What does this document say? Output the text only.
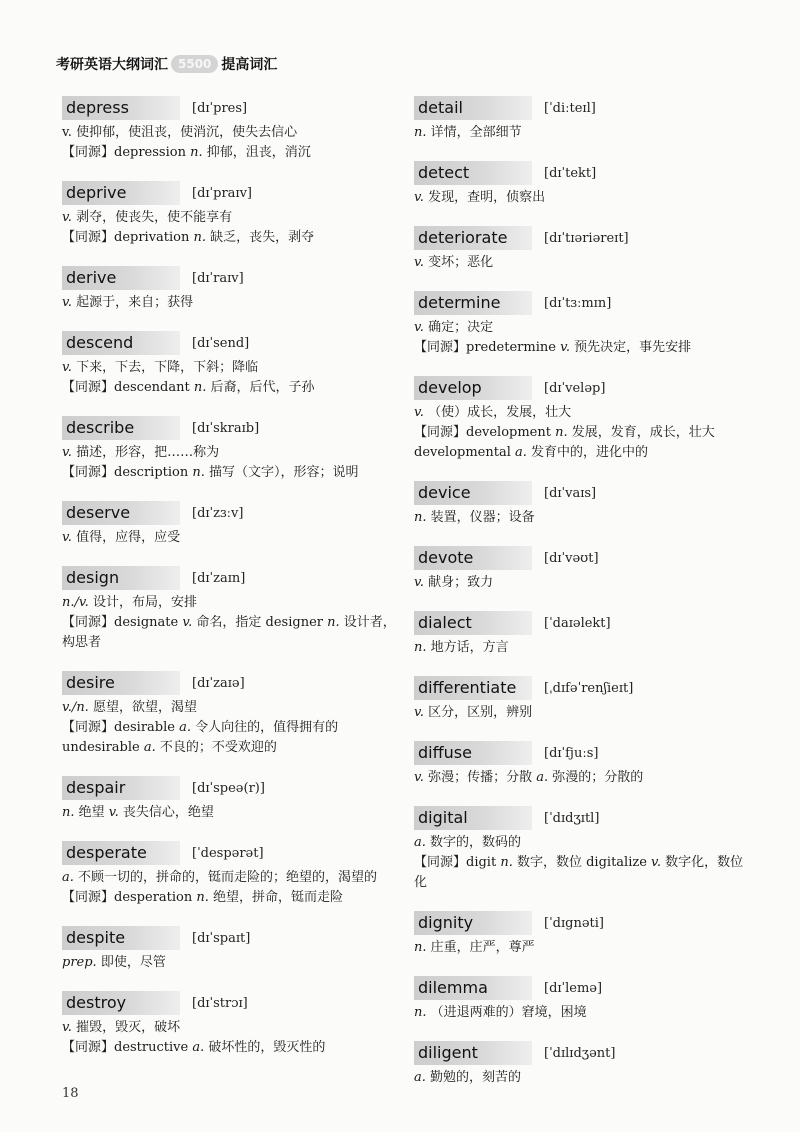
考研英语大纲词汇 5500 提高词汇
depress	[dɪˈpres]
v. 使抑郁，使沮丧，使消沉，使失去信心
【同源】depression n. 抑郁，沮丧，消沉
deprive	[dɪˈpraɪv]
v. 剥夺，使丧失，使不能享有
【同源】deprivation n. 缺乏，丧失，剥夺
derive	[dɪˈraɪv]
v. 起源于，来自；获得
descend	[dɪˈsend]
v. 下来，下去，下降，下斜；降临
【同源】descendant n. 后裔，后代，子孙
describe	[dɪˈskraɪb]
v. 描述，形容，把……称为
【同源】description n. 描写（文字），形容；说明
deserve	[dɪˈzɜːv]
v. 值得，应得，应受
design	[dɪˈzaɪn]
n./v. 设计，布局，安排
【同源】designate v. 命名，指定 designer n. 设计者，构思者
desire	[dɪˈzaɪə]
v./n. 愿望，欲望，渴望
【同源】desirable a. 令人向往的，值得拥有的 undesirable a. 不良的；不受欢迎的
despair	[dɪˈspeə(r)]
n. 绝望 v. 丧失信心，绝望
desperate	[ˈdespərət]
a. 不顾一切的，拼命的，铤而走险的；绝望的，渴望的
【同源】desperation n. 绝望，拼命，铤而走险
despite	[dɪˈspaɪt]
prep. 即使，尽管
destroy	[dɪˈstrɔɪ]
v. 摧毁，毁灭，破坏
【同源】destructive a. 破坏性的，毁灭性的
detail	[ˈdiːteɪl]
n. 详情，全部细节
detect	[dɪˈtekt]
v. 发现，查明，侦察出
deteriorate	[dɪˈtɪəriəreɪt]
v. 变坏；恶化
determine	[dɪˈtɜːmɪn]
v. 确定；决定
【同源】predetermine v. 预先决定，事先安排
develop	[dɪˈveləp]
v. （使）成长，发展，壮大
【同源】development n. 发展，发育，成长，壮大 developmental a. 发育中的，进化中的
device	[dɪˈvaɪs]
n. 装置，仪器；设备
devote	[dɪˈvəʊt]
v. 献身；致力
dialect	[ˈdaɪəlekt]
n. 地方话，方言
differentiate	[ˌdɪfəˈrenʃieɪt]
v. 区分，区别，辨别
diffuse	[dɪˈfjuːs]
v. 弥漫；传播；分散 a. 弥漫的；分散的
digital	[ˈdɪdʒɪtl]
a. 数字的，数码的
【同源】digit n. 数字，数位 digitalize v. 数字化，数位化
dignity	[ˈdɪgnəti]
n. 庄重，庄严，尊严
dilemma	[dɪˈlemə]
n. （进退两难的）窘境，困境
diligent	[ˈdɪlɪdʒənt]
a. 勤勉的，刻苦的
18
